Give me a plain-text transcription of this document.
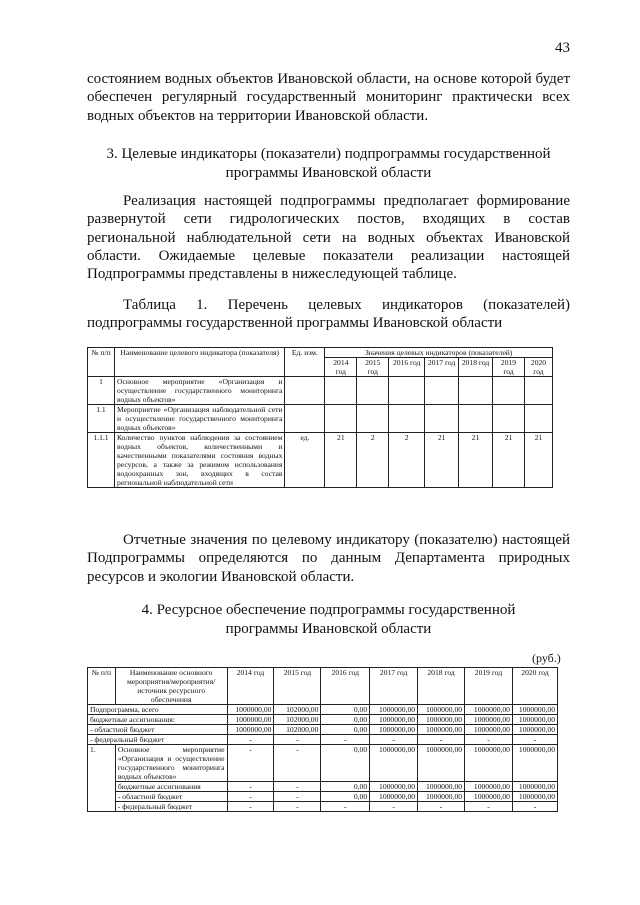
43

состоянием водных объектов Ивановской области, на основе которой будет обеспечен регулярный государственный мониторинг практически всех водных объектов на территории Ивановской области.

3. Целевые индикаторы (показатели) подпрограммы государственной
программы Ивановской области

Реализация настоящей подпрограммы предполагает формирование развернутой сети гидрологических постов, входящих в состав региональной наблюдательной сети на водных объектах Ивановской области. Ожидаемые целевые показатели реализации настоящей Подпрограммы представлены в нижеследующей таблице.

Таблица 1. Перечень целевых индикаторов (показателей) подпрограммы государственной программы Ивановской области

№ п/п	Наименование целевого индикатора (показателя)	Ед. изм.	Значения целевых индикаторов (показателей)						
			2014 год	2015 год	2016 год	2017 год	2018 год	2019 год	2020 год
1	Основное мероприятие «Организация и осуществление государственного мониторинга водных объектов»								
1.1	Мероприятие «Организация наблюдательной сети и осуществление государственного мониторинга водных объектов»								
1.1.1	Количество пунктов наблюдения за состоянием водных объектов, количественными и качественными показателями состояния водных ресурсов, а также за режимом использования водоохранных зон, входящих в состав региональной наблюдательной сети	ед.	21	2	2	21	21	21	21

Отчетные значения по целевому индикатору (показателю) настоящей Подпрограммы определяются по данным Департамента природных ресурсов и экологии Ивановской области.

4. Ресурсное обеспечение подпрограммы государственной
программы Ивановской области

(руб.)
№ п/п	Наименование основного мероприятия/мероприятия/ источник ресурсного обеспечения	2014 год	2015 год	2016 год	2017 год	2018 год	2019 год	2020 год
Подпрограмма, всего		1000000,00	102000,00	0,00	1000000,00	1000000,00	1000000,00	1000000,00
бюджетные ассигнования:		1000000,00	102000,00	0,00	1000000,00	1000000,00	1000000,00	1000000,00
- областной бюджет		1000000,00	102000,00	0,00	1000000,00	1000000,00	1000000,00	1000000,00
- федеральный бюджет		-	-	-	-	-	-	-
1.	Основное мероприятие «Организация и осуществление государственного мониторинга водных объектов»	-	-	0,00	1000000,00	1000000,00	1000000,00	1000000,00
	бюджетные ассигнования	-	-	0,00	1000000,00	1000000,00	1000000,00	1000000,00
	- областной бюджет	-	-	0,00	1000000,00	1000000,00	1000000,00	1000000,00
	- федеральный бюджет	-	-	-	-	-	-	-
